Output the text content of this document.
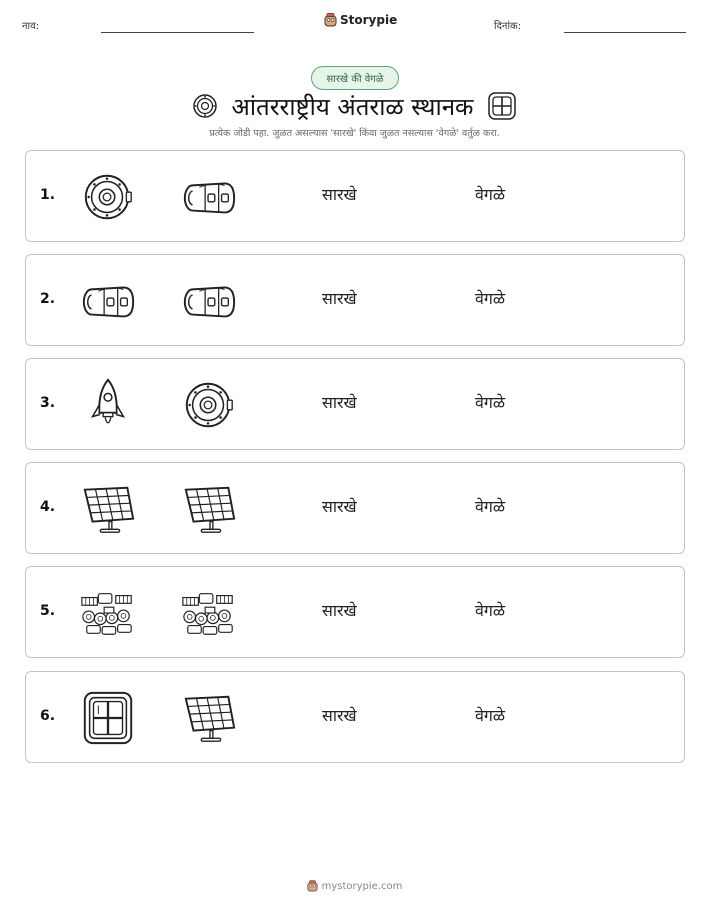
नाव:	Storypie	दिनांक:
सारखे की वेगळे
आंतरराष्ट्रीय अंतराळ स्थानक
प्रत्येक जोडी पहा. जुळत असल्यास 'सारखे' किंवा जुळत नसल्यास 'वेगळे' वर्तुळ करा.
1.	सारखे	वेगळे
2.	सारखे	वेगळे
3.	सारखे	वेगळे
4.	सारखे	वेगळे
5.	सारखे	वेगळे
6.	सारखे	वेगळे
mystorypie.com
